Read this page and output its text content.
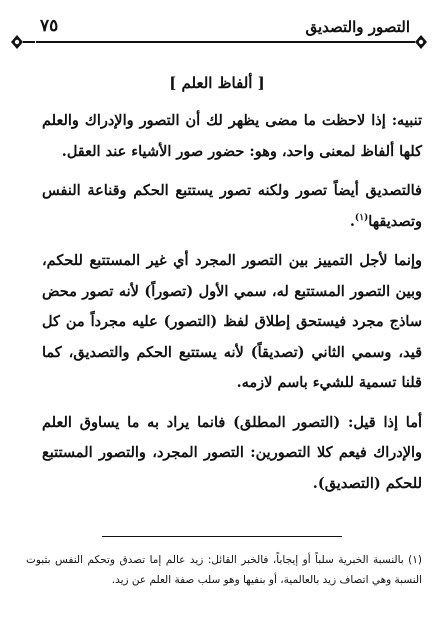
التصور والتصديق
٧٥
[ ألفاظ العلم ]

تنبيه: إذا لاحظت ما مضى يظهر لك أن التصور والإدراك والعلم كلها ألفاظ لمعنى واحد، وهو: حضور صور الأشياء عند العقل.

فالتصديق أيضاً تصور ولكنه تصور يستتبع الحكم وقناعة النفس وتصديقها$^{(١)}$.

وإنما لأجل التمييز بين التصور المجرد أي غير المستتبع للحكم، وبين التصور المستتبع له، سمي الأول (تصوراً) لأنه تصور محض ساذج مجرد فيستحق إطلاق لفظ (التصور) عليه مجرداً من كل قيد، وسمي الثاني (تصديقاً) لأنه يستتبع الحكم والتصديق، كما قلنا تسمية للشيء باسم لازمه.

أما إذا قيل: (التصور المطلق) فانما يراد به ما يساوق العلم والإدراك فيعم كلا التصورين: التصور المجرد، والتصور المستتبع للحكم (التصديق).

(١) بالنسبة الخبرية سلباً أو إيجاباً، فالخبر القائل: زيد عالم إما تصدق وتحكم النفس بثبوت النسبة وهي اتصاف زيد بالعالمية، أو بنفيها وهو سلب صفة العلم عن زيد.
